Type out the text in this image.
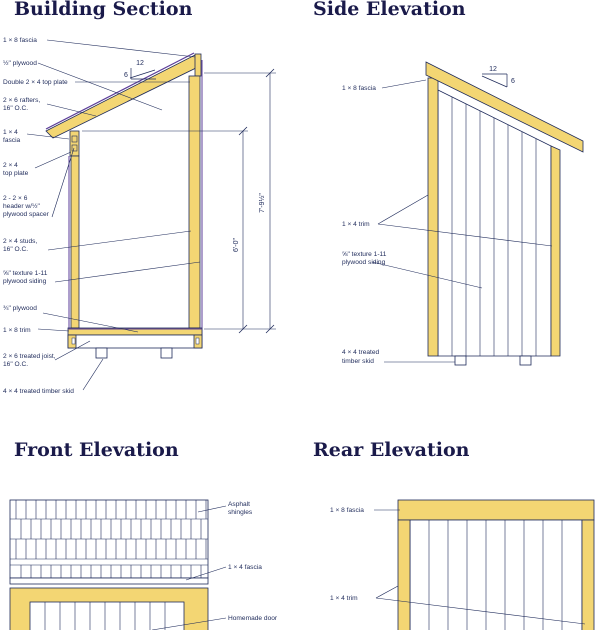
Building Section	Side Elevation
Front Elevation	Rear Elevation
12
6
6'-0"
7'-9½"
1 × 8 fascia
½" plywood
Double 2 × 4 top plate
2 × 6 rafters,
16" O.C.
1 × 4
fascia
2 × 4
top plate
2 - 2 × 6
header w/½"
plywood spacer
2 × 4 studs,
16" O.C.
⅝" texture 1-11
plywood siding
¾" plywood
1 × 8 trim
2 × 6 treated joist,
16" O.C.
4 × 4 treated timber skid
12
6
1 × 8 fascia
1 × 4 trim
⅝" texture 1-11
plywood siding
4 × 4 treated
timber skid
Asphalt
shingles
1 × 4 fascia
Homemade door
1 × 8 fascia
1 × 4 trim
